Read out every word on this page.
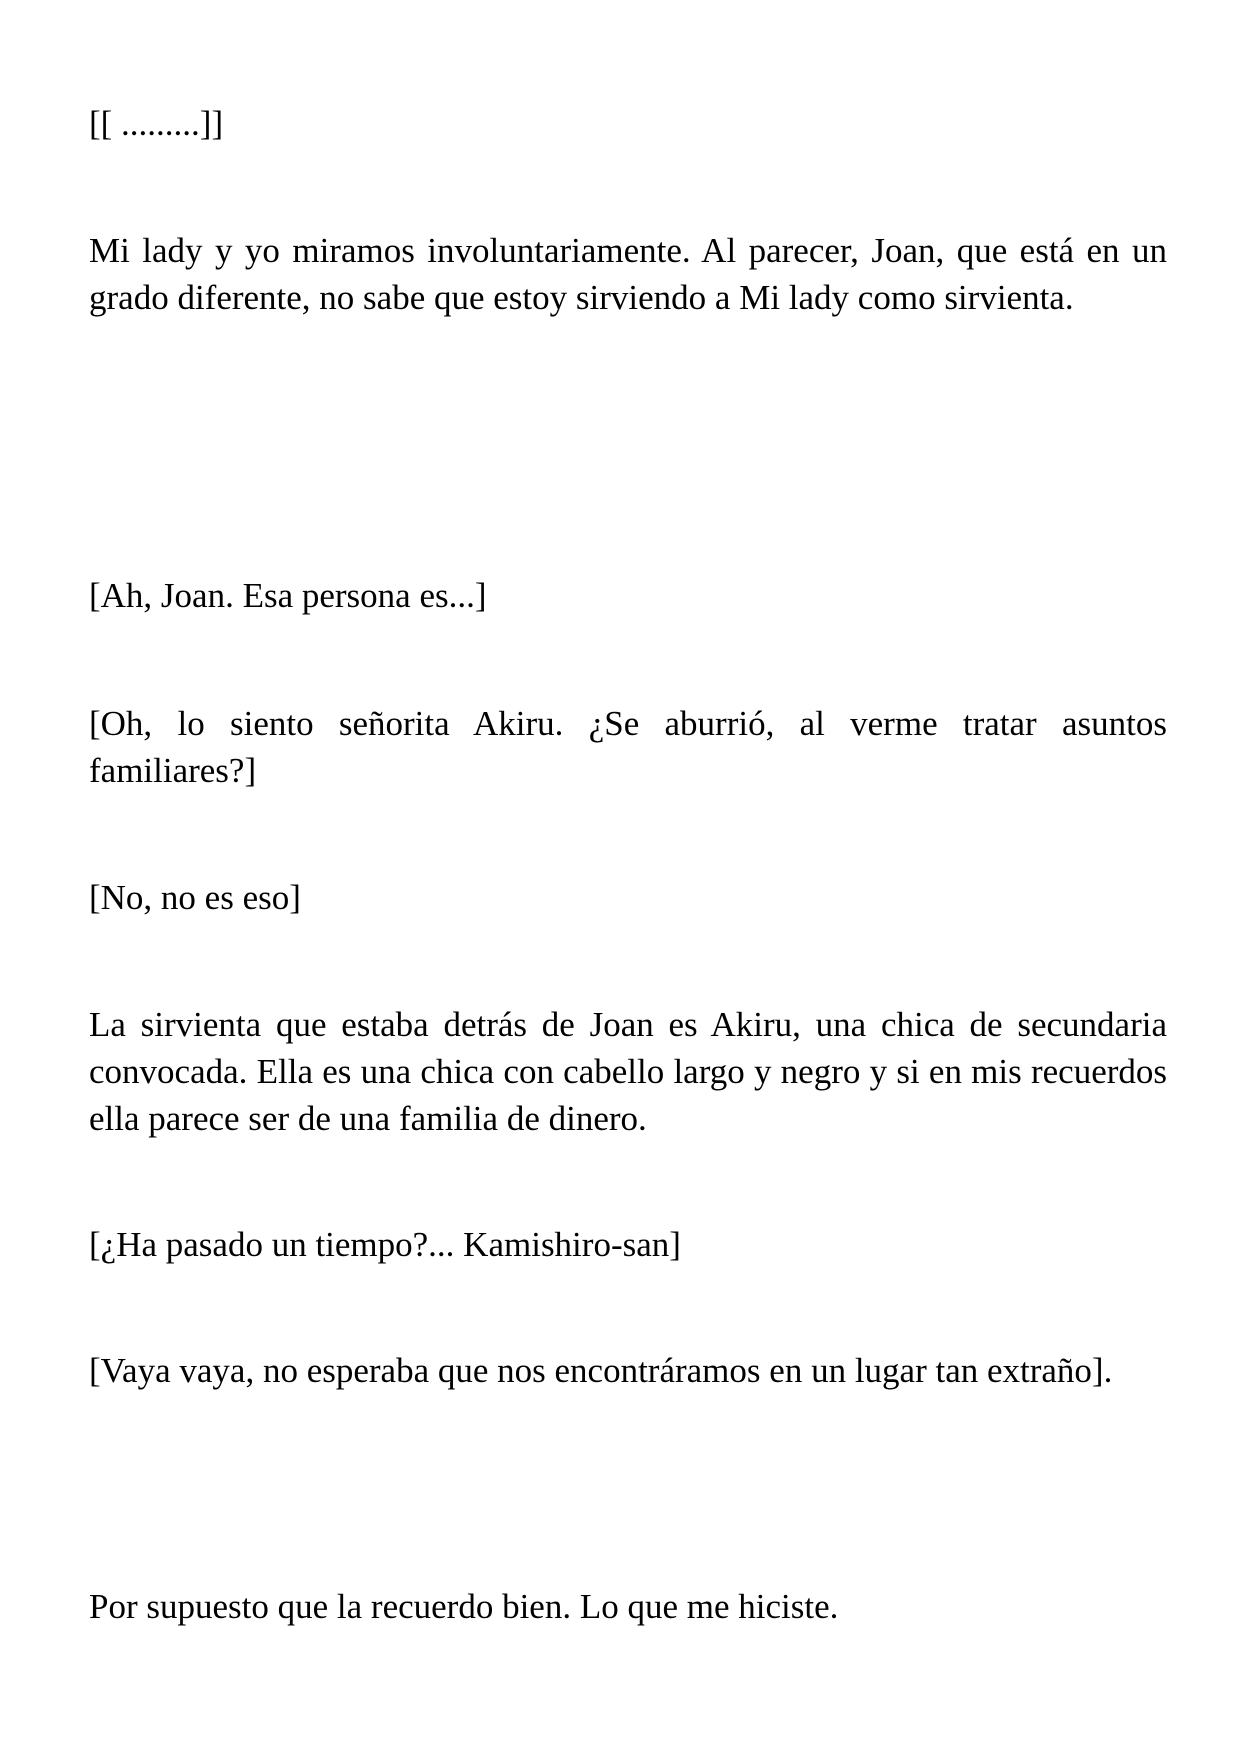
[[ .........]]

Mi lady y yo miramos involuntariamente. Al parecer, Joan, que está en un grado diferente, no sabe que estoy sirviendo a Mi lady como sirvienta.

[Ah, Joan. Esa persona es...]

[Oh, lo siento señorita Akiru. ¿Se aburrió, al verme tratar asuntos familiares?]

[No, no es eso]

La sirvienta que estaba detrás de Joan es Akiru, una chica de secundaria convocada. Ella es una chica con cabello largo y negro y si en mis recuerdos ella parece ser de una familia de dinero.

[¿Ha pasado un tiempo?... Kamishiro-san]

[Vaya vaya, no esperaba que nos encontráramos en un lugar tan extraño].

Por supuesto que la recuerdo bien. Lo que me hiciste.
